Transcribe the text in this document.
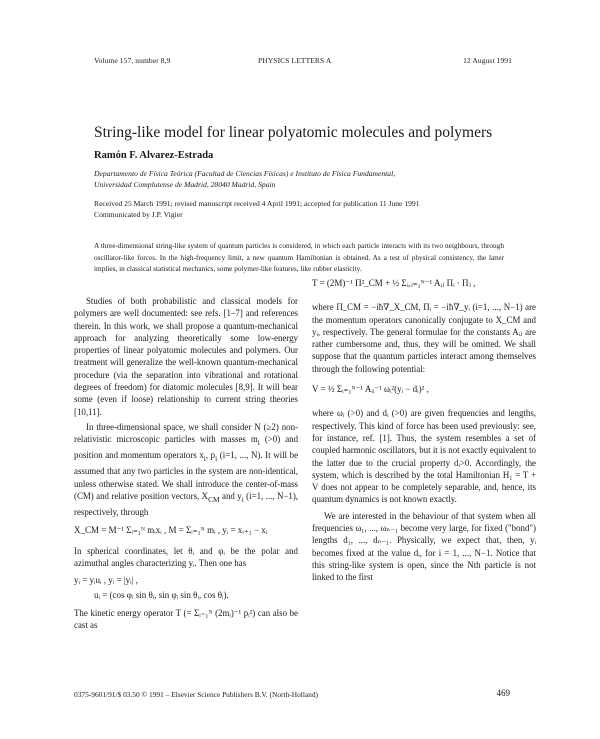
Volume 157, number 8,9	PHYSICS LETTERS A	12 August 1991
String-like model for linear polyatomic molecules and polymers
Ramón F. Alvarez-Estrada
Departamento de Física Teórica (Facultad de Ciencias Físicas) e Instituto de Física Fundamental,
Universidad Complutense de Madrid, 28040 Madrid, Spain
Received 25 March 1991; revised manuscript received 4 April 1991; accepted for publication 11 June 1991
Communicated by J.P. Vigier
A three-dimensional string-like system of quantum particles is considered, in which each particle interacts with its two neighbours, through oscillator-like forces. In the high-frequency limit, a new quantum Hamiltonian is obtained. As a test of physical consistency, the latter implies, in classical statistical mechanics, some polymer-like features, like rubber elasticity.

Studies of both probabilistic and classical models for polymers are well documented: see refs. [1–7] and references therein. In this work, we shall propose a quantum-mechanical approach for analyzing theoretically some low-energy properties of linear polyatomic molecules and polymers. Our treatment will generalize the well-known quantum-mechanical procedure (via the separation into vibrational and rotational degrees of freedom) for diatomic molecules [8,9]. It will bear some (even if loose) relationship to current string theories [10,11].

In three-dimensional space, we shall consider N (≥2) non-relativistic microscopic particles with masses $m_i$ (>0) and position and momentum operators $x_i$, $p_i$ (i=1, ..., N). It will be assumed that any two particles in the system are non-identical, unless otherwise stated. We shall introduce the center-of-mass (CM) and relative position vectors, $X_{CM}$ and $y_i$ (i=1, ..., N−1), respectively, through

X_CM = M⁻¹ Σᵢ₌₁ᴺ mᵢxᵢ , M = Σᵢ₌₁ᴺ mᵢ , yᵢ = xᵢ₊₁ − xᵢ

In spherical coordinates, let θᵢ and φᵢ be the polar and azimuthal angles characterizing yᵢ. Then one has

yᵢ = yᵢuᵢ , yᵢ = |yᵢ| ,
uᵢ = (cos φᵢ sin θᵢ, sin φᵢ sin θᵢ, cos θᵢ).

The kinetic energy operator T (= Σᵢ₌₁ᴺ (2mᵢ)⁻¹ pᵢ²) can also be cast as

T = (2M)⁻¹ Π²_CM + ½ Σᵢ,ⱼ₌₁ᴺ⁻¹ Aᵢⱼ Πᵢ · Πⱼ ,

where Π_CM = −iħ∇_X_CM, Πᵢ = −iħ∇_yᵢ (i=1, ..., N−1) are the momentum operators canonically conjugate to X_CM and yᵢ, respectively. The general formulae for the constants Aᵢⱼ are rather cumbersome and, thus, they will be omitted. We shall suppose that the quantum particles interact among themselves through the following potential:

V = ½ Σᵢ₌₁ᴺ⁻¹ Aᵢᵢ⁻¹ ωᵢ²(yᵢ − dᵢ)² ,

where ωᵢ (>0) and dᵢ (>0) are given frequencies and lengths, respectively. This kind of force has been used previously: see, for instance, ref. [1]. Thus, the system resembles a set of coupled harmonic oscillators, but it is not exactly equivalent to the latter due to the crucial property dᵢ>0. Accordingly, the system, which is described by the total Hamiltonian H₁ = T + V does not appear to be completely separable, and, hence, its quantum dynamics is not known exactly.

We are interested in the behaviour of that system when all frequencies ω₁, ..., ωₙ₋₁ become very large, for fixed ("bond") lengths d₁, ..., dₙ₋₁. Physically, we expect that, then, yᵢ becomes fixed at the value dᵢ, for i = 1, ..., N−1. Notice that this string-like system is open, since the Nth particle is not linked to the first

0375-9601/91/$ 03.50 © 1991 – Elsevier Science Publishers B.V. (North-Holland)	469
